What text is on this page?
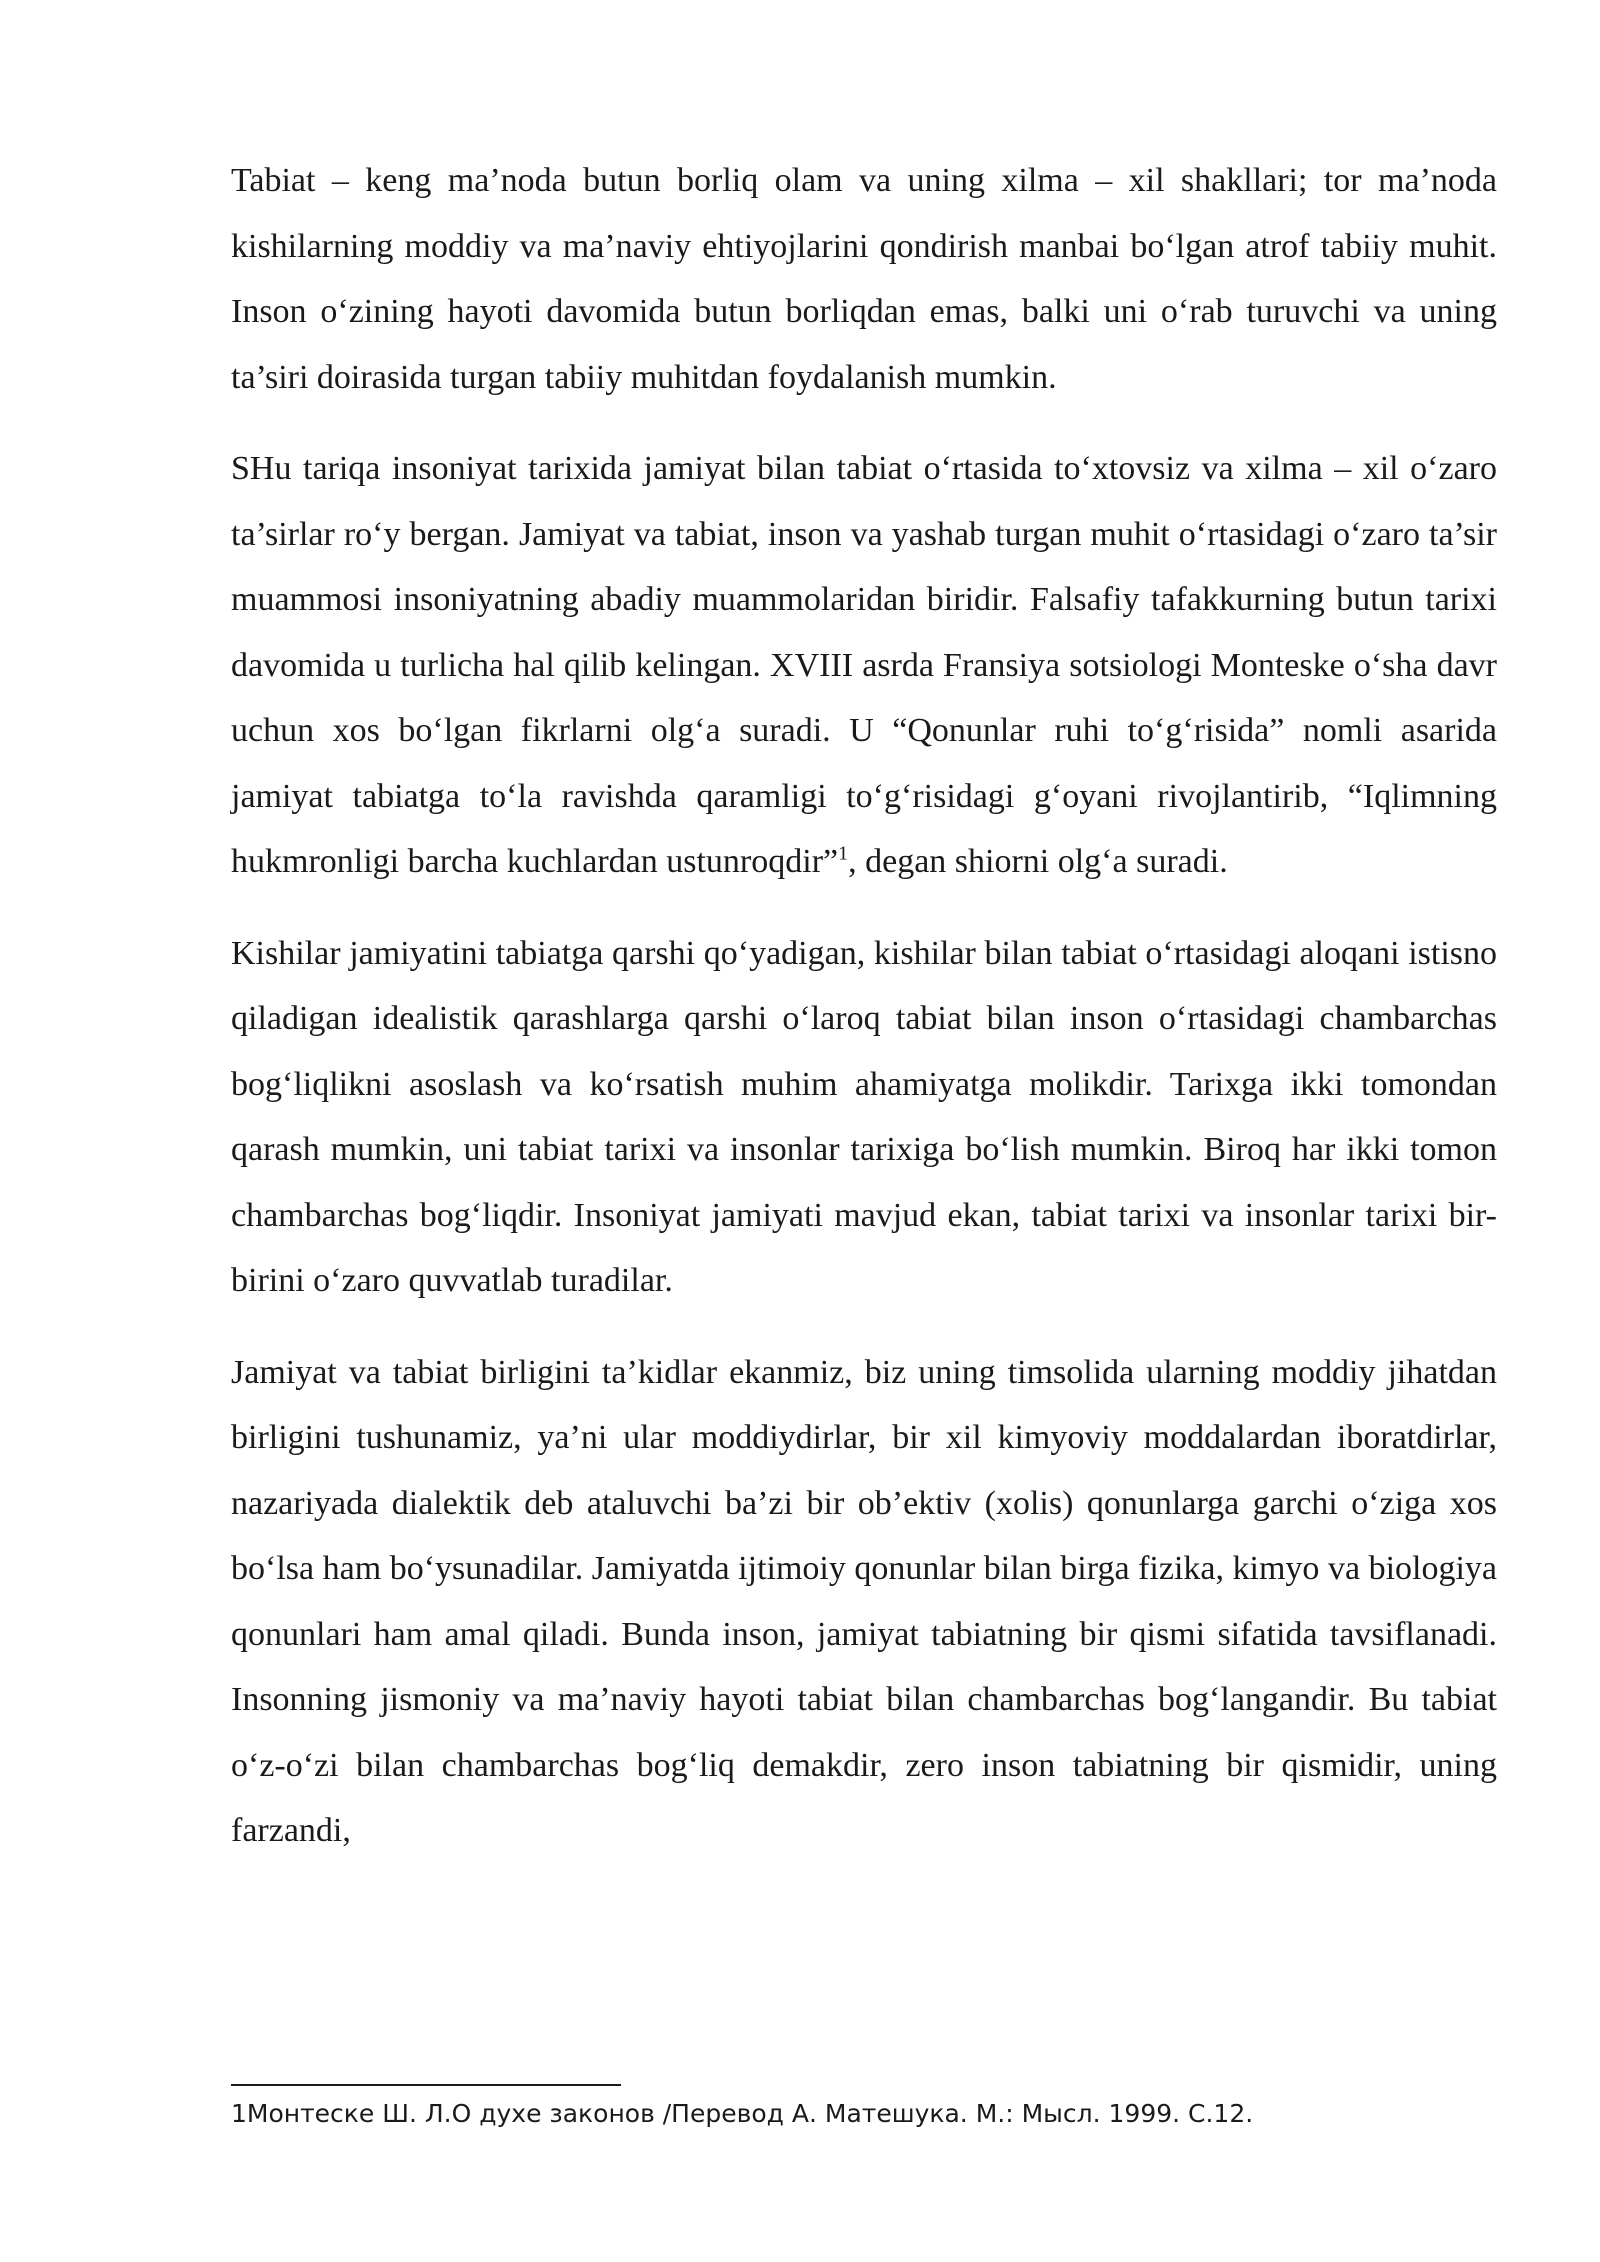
Tabiat – keng ma’noda butun borliq olam va uning xilma – xil shakllari; tor ma’noda kishilarning moddiy va ma’naviy ehtiyojlarini qondirish manbai bo‘lgan atrof tabiiy muhit. Inson o‘zining hayoti davomida butun borliqdan emas, balki uni o‘rab turuvchi va uning ta’siri doirasida turgan tabiiy muhitdan foydalanish mumkin.

SHu tariqa insoniyat tarixida jamiyat bilan tabiat o‘rtasida to‘xtovsiz va xilma – xil o‘zaro ta’sirlar ro‘y bergan. Jamiyat va tabiat, inson va yashab turgan muhit o‘rtasidagi o‘zaro ta’sir muammosi insoniyatning abadiy muammolaridan biridir. Falsafiy tafakkurning butun tarixi davomida u turlicha hal qilib kelingan. XVIII asrda Fransiya sotsiologi Monteske o‘sha davr uchun xos bo‘lgan fikrlarni olg‘a suradi. U “Qonunlar ruhi to‘g‘risida” nomli asarida jamiyat tabiatga to‘la ravishda qaramligi to‘g‘risidagi g‘oyani rivojlantirib, “Iqlimning hukmronligi barcha kuchlardan ustunroqdir”$^1$, degan shiorni olg‘a suradi.

Kishilar jamiyatini tabiatga qarshi qo‘yadigan, kishilar bilan tabiat o‘rtasidagi aloqani istisno qiladigan idealistik qarashlarga qarshi o‘laroq tabiat bilan inson o‘rtasidagi chambarchas bog‘liqlikni asoslash va ko‘rsatish muhim ahamiyatga molikdir. Tarixga ikki tomondan qarash mumkin, uni tabiat tarixi va insonlar tarixiga bo‘lish mumkin. Biroq har ikki tomon chambarchas bog‘liqdir. Insoniyat jamiyati mavjud ekan, tabiat tarixi va insonlar tarixi bir-birini o‘zaro quvvatlab turadilar.

Jamiyat va tabiat birligini ta’kidlar ekanmiz, biz uning timsolida ularning moddiy jihatdan birligini tushunamiz, ya’ni ular moddiydirlar, bir xil kimyoviy moddalardan iboratdirlar, nazariyada dialektik deb ataluvchi ba’zi bir ob’ektiv (xolis) qonunlarga garchi o‘ziga xos bo‘lsa ham bo‘ysunadilar. Jamiyatda ijtimoiy qonunlar bilan birga fizika, kimyo va biologiya qonunlari ham amal qiladi. Bunda inson, jamiyat tabiatning bir qismi sifatida tavsiflanadi. Insonning jismoniy va ma’naviy hayoti tabiat bilan chambarchas bog‘langandir. Bu tabiat o‘z-o‘zi bilan chambarchas bog‘liq demakdir, zero inson tabiatning bir qismidir, uning farzandi,

1Монтеске Ш. Л.О духе законов /Перевод А. Матешука. М.: Мысл. 1999. С.12.
